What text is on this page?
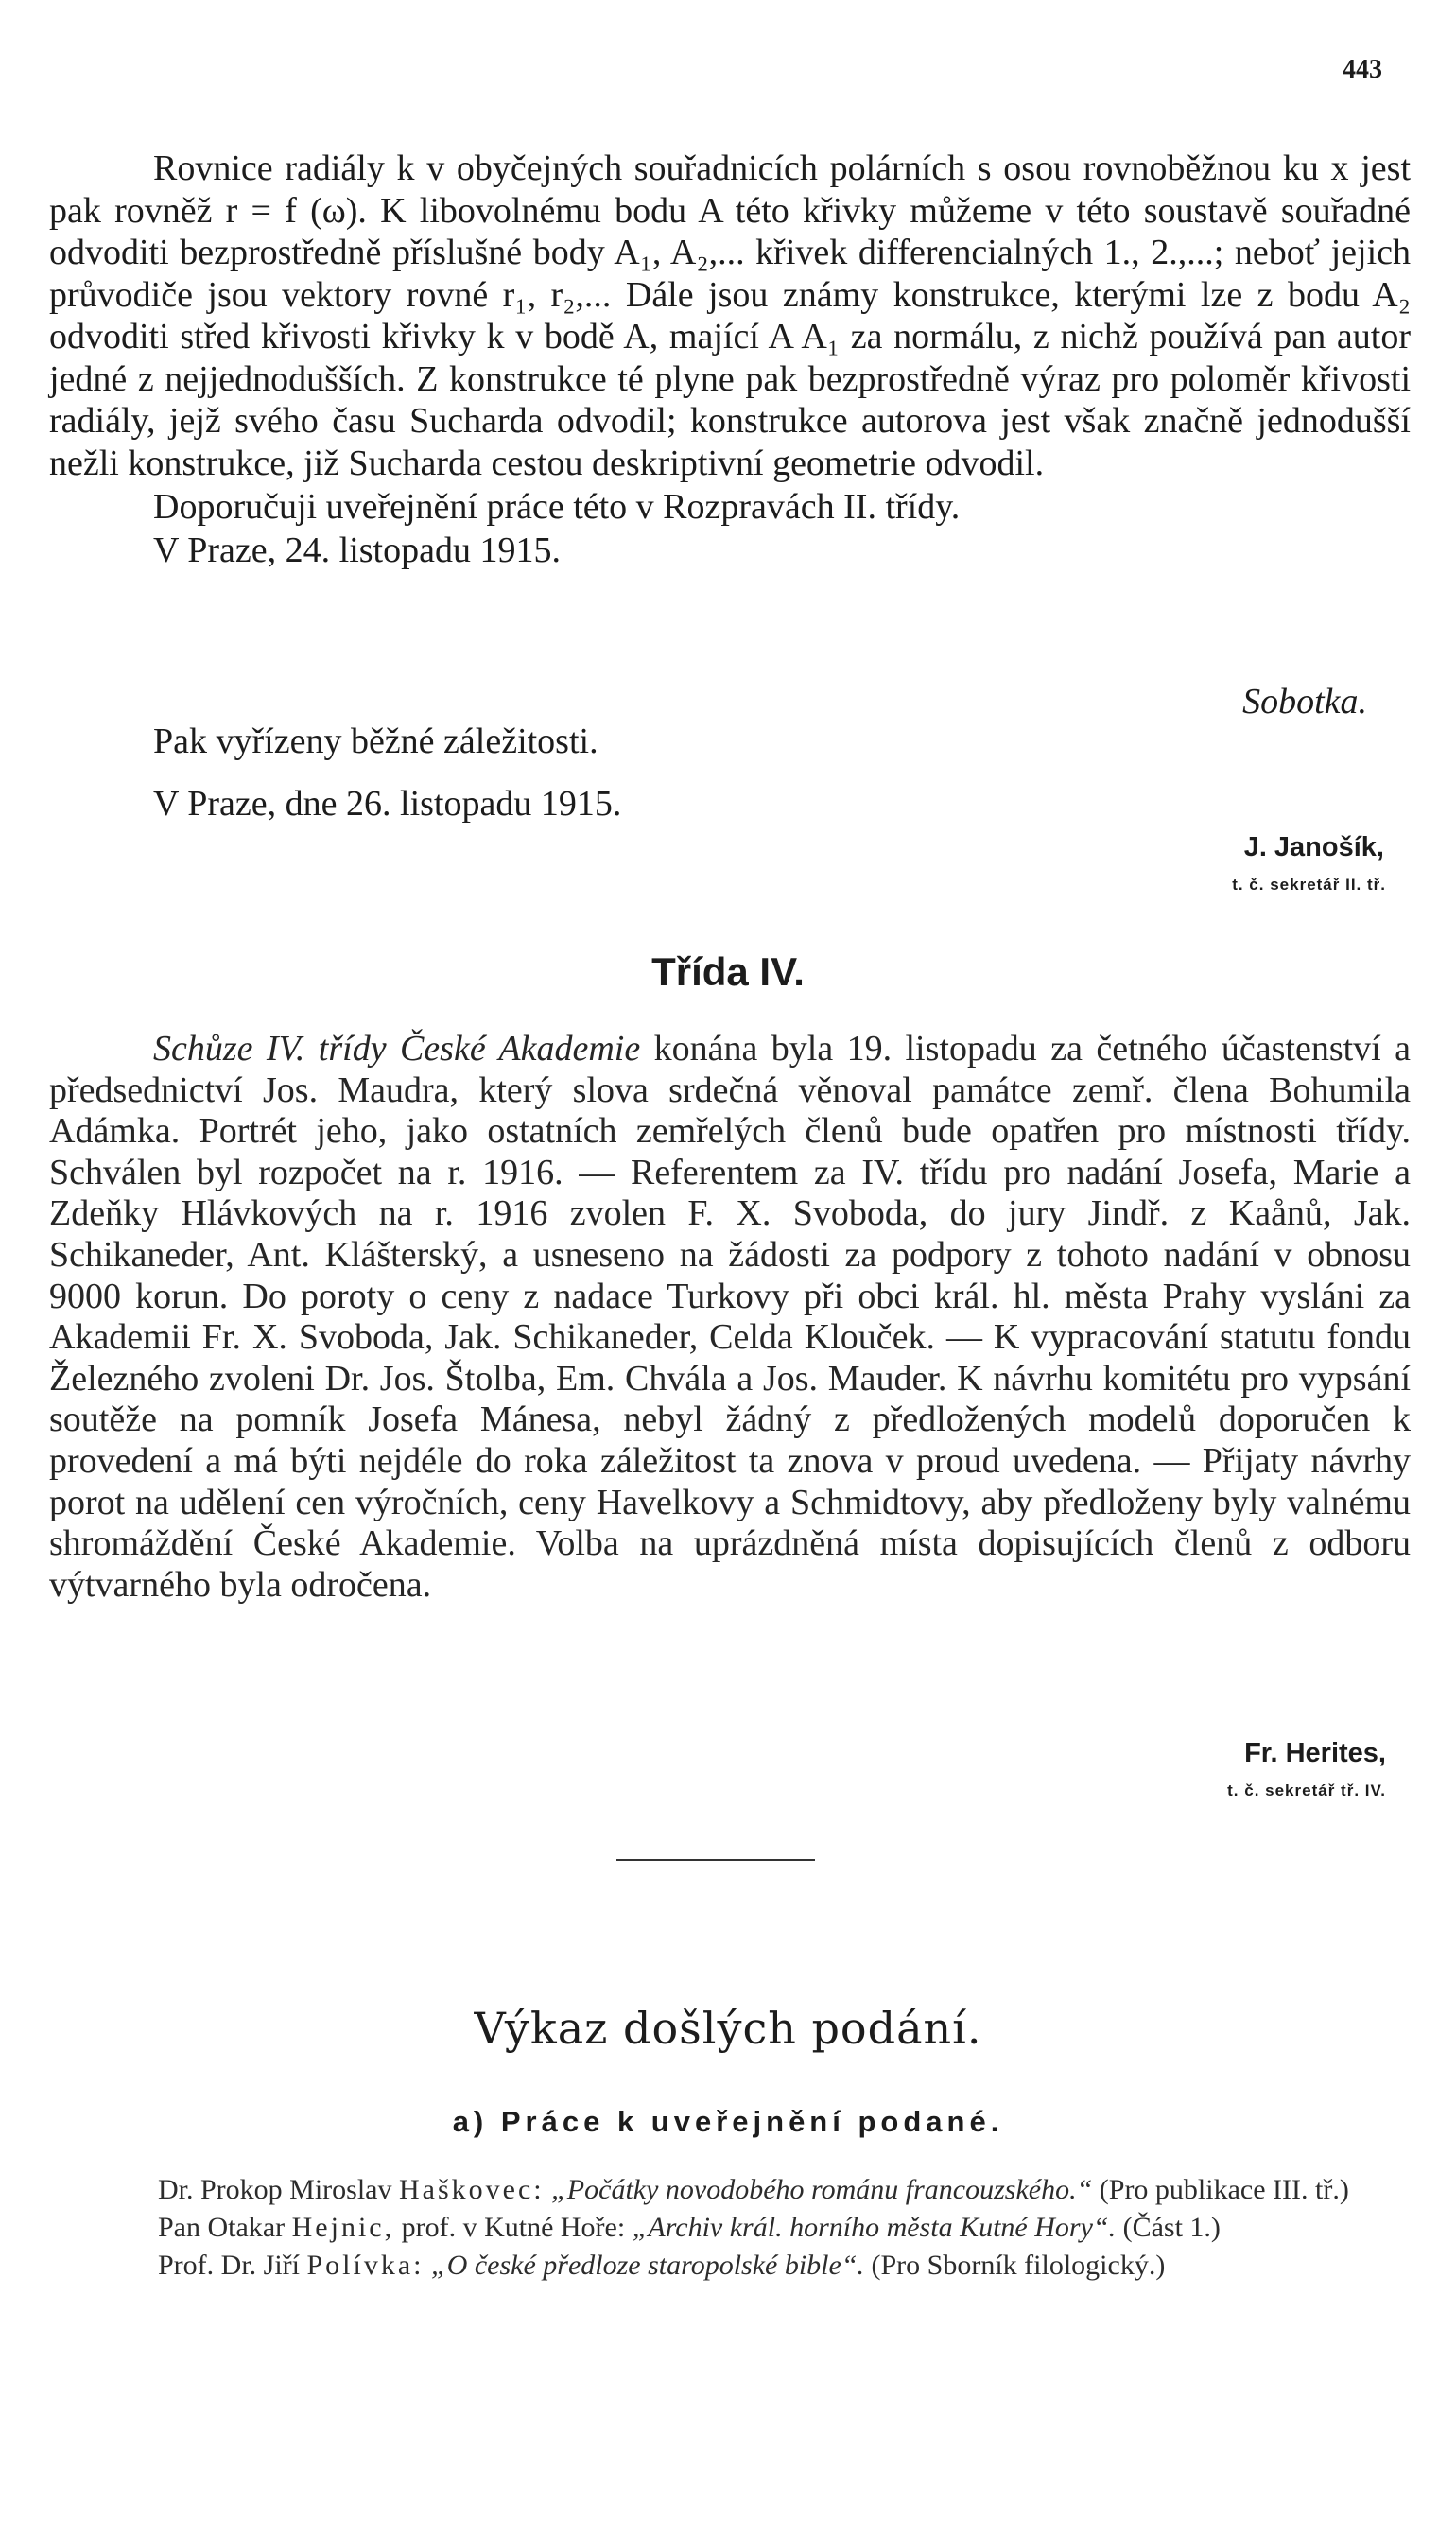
443

Rovnice radiály k v obyčejných souřadnicích polárních s osou rovnoběžnou ku x jest pak rovněž r = f (ω). K libovolnému bodu A této křivky můžeme v této soustavě souřadné odvoditi bezprostředně příslušné body A₁, A₂,... křivek differencialných 1., 2.,...; neboť jejich průvodiče jsou vektory rovné r₁, r₂,... Dále jsou známy konstrukce, kterými lze z bodu A₂ odvoditi střed křivosti křivky k v bodě A, mající A A₁ za normálu, z nichž používá pan autor jedné z nejjednodušších. Z konstrukce té plyne pak bezprostředně výraz pro poloměr křivosti radiály, jejž svého času Sucharda odvodil; konstrukce autorova jest však značně jednodušší nežli konstrukce, již Sucharda cestou deskriptivní geometrie odvodil.

Doporučuji uveřejnění práce této v Rozpravách II. třídy.
V Praze, 24. listopadu 1915.
Sobotka.
Pak vyřízeny běžné záležitosti.
V Praze, dne 26. listopadu 1915.
J. Janošík,
t. č. sekretář II. tř.
Třída IV.

Schůze IV. třídy České Akademie konána byla 19. listopadu za četného účastenství a předsednictví Jos. Maudra, který slova srdečná věnoval památce zemř. člena Bohumila Adámka. Portrét jeho, jako ostatních zemřelých členů bude opatřen pro místnosti třídy. Schválen byl rozpočet na r. 1916. — Referentem za IV. třídu pro nadání Josefa, Marie a Zdeňky Hlávkových na r. 1916 zvolen F. X. Svoboda, do jury Jindř. z Kaånů, Jak. Schikaneder, Ant. Klášterský, a usneseno na žádosti za podpory z tohoto nadání v obnosu 9000 korun. Do poroty o ceny z nadace Turkovy při obci král. hl. města Prahy vysláni za Akademii Fr. X. Svoboda, Jak. Schikaneder, Celda Klouček. — K vypracování statutu fondu Železného zvoleni Dr. Jos. Štolba, Em. Chvála a Jos. Mauder. K návrhu komitétu pro vypsání soutěže na pomník Josefa Mánesa, nebyl žádný z předložených modelů doporučen k provedení a má býti nejdéle do roka záležitost ta znova v proud uvedena. — Přijaty návrhy porot na udělení cen výročních, ceny Havelkovy a Schmidtovy, aby předloženy byly valnému shromáždění České Akademie. Volba na uprázdněná místa dopisujících členů z odboru výtvarného byla odročena.

Fr. Herites,
t. č. sekretář tř. IV.
Výkaz došlých podání.
a) Práce k uveřejnění podané.

Dr. Prokop Miroslav Haškovec: „Počátky novodobého románu francouzského.“ (Pro publikace III. tř.)

Pan Otakar Hejnic, prof. v Kutné Hoře: „Archiv král. horního města Kutné Hory“. (Část 1.)

Prof. Dr. Jiří Polívka: „O české předloze staropolské bible“. (Pro Sborník filologický.)
